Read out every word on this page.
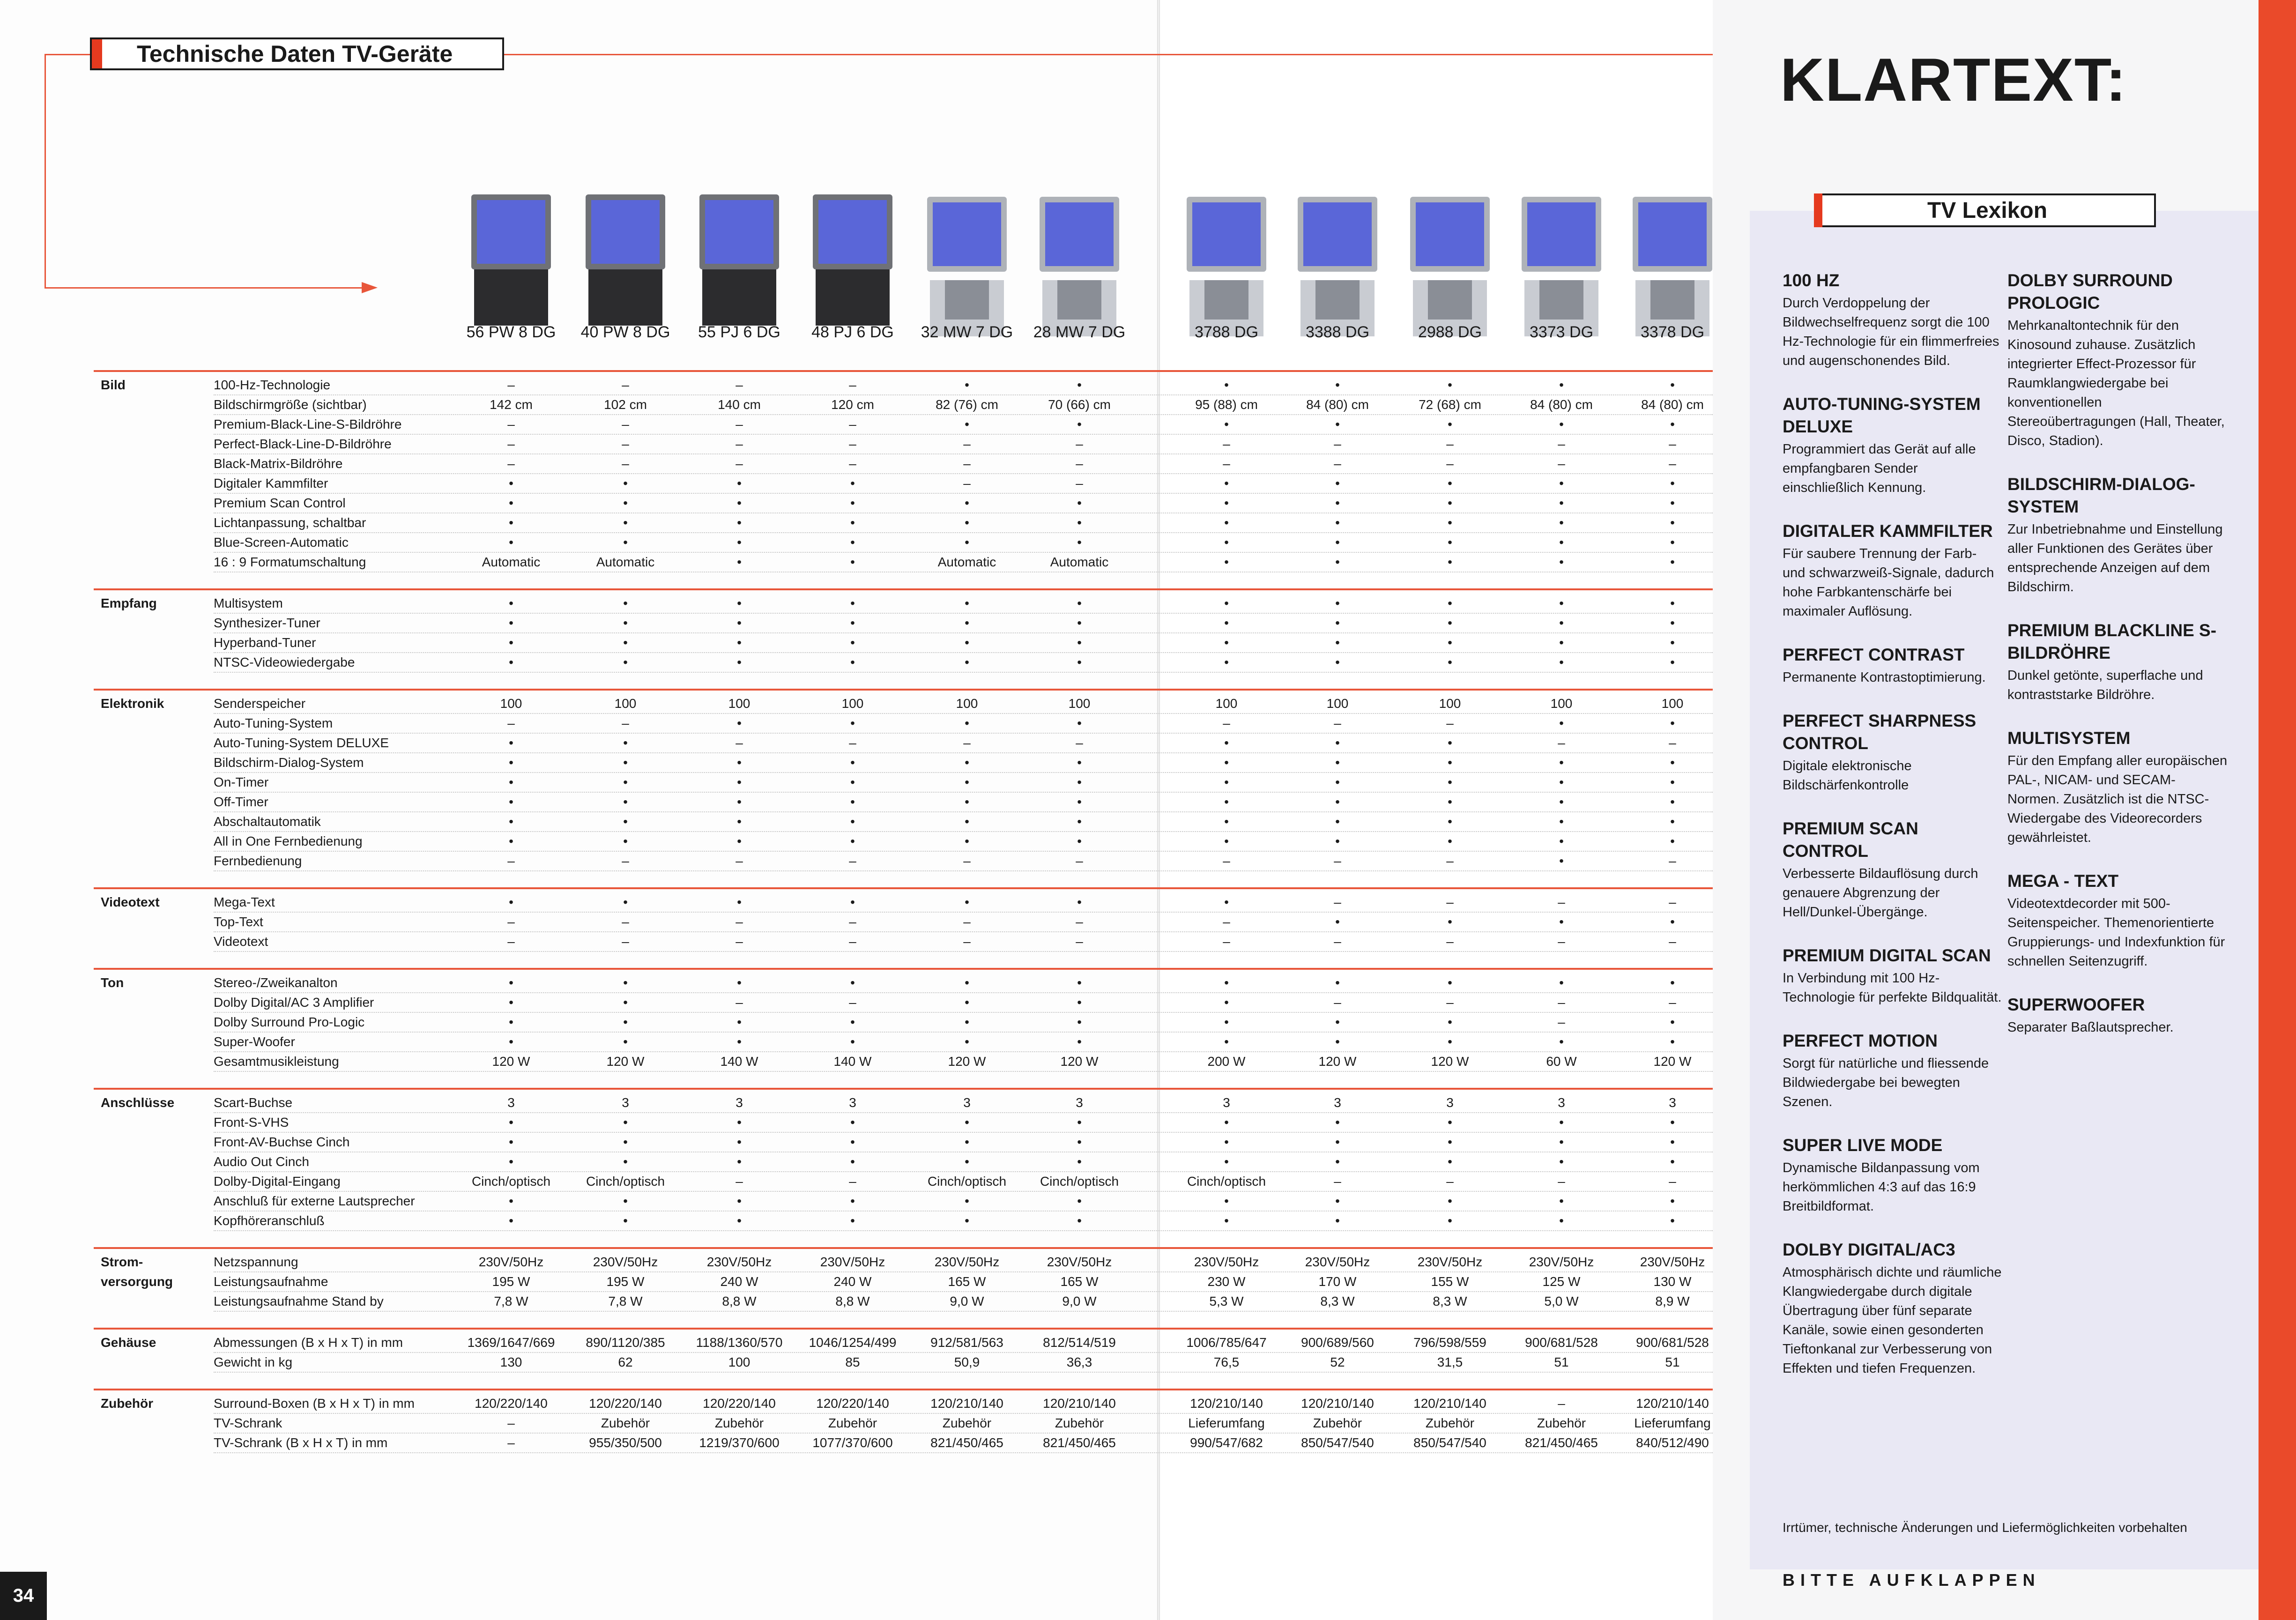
Technische Daten TV-Geräte
56 PW 8 DG	40 PW 8 DG	55 PJ 6 DG	48 PJ 6 DG	32 MW 7 DG	28 MW 7 DG	3788 DG	3388 DG	2988 DG	3373 DG	3378 DG
Bild	100-Hz-Technologie	–	–	–	–	•	•	•	•	•	•	•
Bildschirmgröße (sichtbar)	142 cm	102 cm	140 cm	120 cm	82 (76) cm	70 (66) cm	95 (88) cm	84 (80) cm	72 (68) cm	84 (80) cm	84 (80) cm
Premium-Black-Line-S-Bildröhre	–	–	–	–	•	•	•	•	•	•	•
Perfect-Black-Line-D-Bildröhre	–	–	–	–	–	–	–	–	–	–	–
Black-Matrix-Bildröhre	–	–	–	–	–	–	–	–	–	–	–
Digitaler Kammfilter	•	•	•	•	–	–	•	•	•	•	•
Premium Scan Control	•	•	•	•	•	•	•	•	•	•	•
Lichtanpassung, schaltbar	•	•	•	•	•	•	•	•	•	•	•
Blue-Screen-Automatic	•	•	•	•	•	•	•	•	•	•	•
16 : 9 Formatumschaltung	Automatic	Automatic	•	•	Automatic	Automatic	•	•	•	•	•
Empfang	Multisystem	•	•	•	•	•	•	•	•	•	•	•
Synthesizer-Tuner	•	•	•	•	•	•	•	•	•	•	•
Hyperband-Tuner	•	•	•	•	•	•	•	•	•	•	•
NTSC-Videowiedergabe	•	•	•	•	•	•	•	•	•	•	•
Elektronik	Senderspeicher	100	100	100	100	100	100	100	100	100	100	100
Auto-Tuning-System	–	–	•	•	•	•	–	–	–	•	•
Auto-Tuning-System DELUXE	•	•	–	–	–	–	•	•	•	–	–
Bildschirm-Dialog-System	•	•	•	•	•	•	•	•	•	•	•
On-Timer	•	•	•	•	•	•	•	•	•	•	•
Off-Timer	•	•	•	•	•	•	•	•	•	•	•
Abschaltautomatik	•	•	•	•	•	•	•	•	•	•	•
All in One Fernbedienung	•	•	•	•	•	•	•	•	•	•	•
Fernbedienung	–	–	–	–	–	–	–	–	–	•	–
Videotext	Mega-Text	•	•	•	•	•	•	•	–	–	–	–
Top-Text	–	–	–	–	–	–	–	•	•	•	•
Videotext	–	–	–	–	–	–	–	–	–	–	–
Ton	Stereo-/Zweikanalton	•	•	•	•	•	•	•	•	•	•	•
Dolby Digital/AC 3 Amplifier	•	•	–	–	•	•	•	–	–	–	–
Dolby Surround Pro-Logic	•	•	•	•	•	•	•	•	•	–	•
Super-Woofer	•	•	•	•	•	•	•	•	•	•	•
Gesamtmusikleistung	120 W	120 W	140 W	140 W	120 W	120 W	200 W	120 W	120 W	60 W	120 W
Anschlüsse	Scart-Buchse	3	3	3	3	3	3	3	3	3	3	3
Front-S-VHS	•	•	•	•	•	•	•	•	•	•	•
Front-AV-Buchse Cinch	•	•	•	•	•	•	•	•	•	•	•
Audio Out Cinch	•	•	•	•	•	•	•	•	•	•	•
Dolby-Digital-Eingang	Cinch/optisch	Cinch/optisch	–	–	Cinch/optisch	Cinch/optisch	Cinch/optisch	–	–	–	–
Anschluß für externe Lautsprecher	•	•	•	•	•	•	•	•	•	•	•
Kopfhöreranschluß	•	•	•	•	•	•	•	•	•	•	•
Strom-
versorgung
Netzspannung	230V/50Hz	230V/50Hz	230V/50Hz	230V/50Hz	230V/50Hz	230V/50Hz	230V/50Hz	230V/50Hz	230V/50Hz	230V/50Hz	230V/50Hz
Leistungsaufnahme	195 W	195 W	240 W	240 W	165 W	165 W	230 W	170 W	155 W	125 W	130 W
Leistungsaufnahme Stand by	7,8 W	7,8 W	8,8 W	8,8 W	9,0 W	9,0 W	5,3 W	8,3 W	8,3 W	5,0 W	8,9 W
Gehäuse	Abmessungen (B x H x T) in mm	1369/1647/669	890/1120/385	1188/1360/570	1046/1254/499	912/581/563	812/514/519	1006/785/647	900/689/560	796/598/559	900/681/528	900/681/528
Gewicht in kg	130	62	100	85	50,9	36,3	76,5	52	31,5	51	51
Zubehör	Surround-Boxen (B x H x T) in mm	120/220/140	120/220/140	120/220/140	120/220/140	120/210/140	120/210/140	120/210/140	120/210/140	120/210/140	–	120/210/140
TV-Schrank	–	Zubehör	Zubehör	Zubehör	Zubehör	Zubehör	Lieferumfang	Zubehör	Zubehör	Zubehör	Lieferumfang
TV-Schrank (B x H x T) in mm	–	955/350/500	1219/370/600	1077/370/600	821/450/465	821/450/465	990/547/682	850/547/540	850/547/540	821/450/465	840/512/490
34
KLARTEXT:
TV Lexikon
100 HZ

Durch Verdoppelung der Bildwechselfrequenz sorgt die 100 Hz-Technologie für ein flimmerfreies und augenschonendes Bild.

AUTO-TUNING-SYSTEM DELUXE

Programmiert das Gerät auf alle empfangbaren Sender einschließlich Kennung.

DIGITALER KAMMFILTER

Für saubere Trennung der Farb- und schwarzweiß-Signale, dadurch hohe Farbkantenschärfe bei maximaler Auflösung.

PERFECT CONTRAST

Permanente Kontrastoptimierung.

PERFECT SHARPNESS CONTROL

Digitale elektronische Bildschärfenkontrolle

PREMIUM SCAN CONTROL

Verbesserte Bildauflösung durch genauere Abgrenzung der Hell/Dunkel-Übergänge.

PREMIUM DIGITAL SCAN

In Verbindung mit 100 Hz-Technologie für perfekte Bildqualität.

PERFECT MOTION

Sorgt für natürliche und fliessende Bildwiedergabe bei bewegten Szenen.

SUPER LIVE MODE

Dynamische Bildanpassung vom herkömmlichen 4:3 auf das 16:9 Breitbildformat.

DOLBY DIGITAL/AC3

Atmosphärisch dichte und räumliche Klangwiedergabe durch digitale Übertragung über fünf separate Kanäle, sowie einen gesonderten Tieftonkanal zur Verbesserung von Effekten und tiefen Frequenzen.

DOLBY SURROUND PROLOGIC

Mehrkanaltontechnik für den Kinosound zuhause. Zusätzlich integrierter Effect-Prozessor für Raumklangwiedergabe bei konventionellen Stereoübertragungen (Hall, Theater, Disco, Stadion).

BILDSCHIRM-DIALOG-SYSTEM

Zur Inbetriebnahme und Einstellung aller Funktionen des Gerätes über entsprechende Anzeigen auf dem Bildschirm.

PREMIUM BLACKLINE S-BILDRÖHRE

Dunkel getönte, superflache und kontraststarke Bildröhre.

MULTISYSTEM

Für den Empfang aller europäischen PAL-, NICAM- und SECAM-Normen. Zusätzlich ist die NTSC-Wiedergabe des Videorecorders gewährleistet.

MEGA - TEXT

Videotextdecorder mit 500-Seitenspeicher. Themenorientierte Gruppierungs- und Indexfunktion für schnellen Seitenzugriff.

SUPERWOOFER

Separater Baßlautsprecher.

Irrtümer, technische Änderungen und Liefermöglichkeiten vorbehalten
BITTE AUFKLAPPEN
